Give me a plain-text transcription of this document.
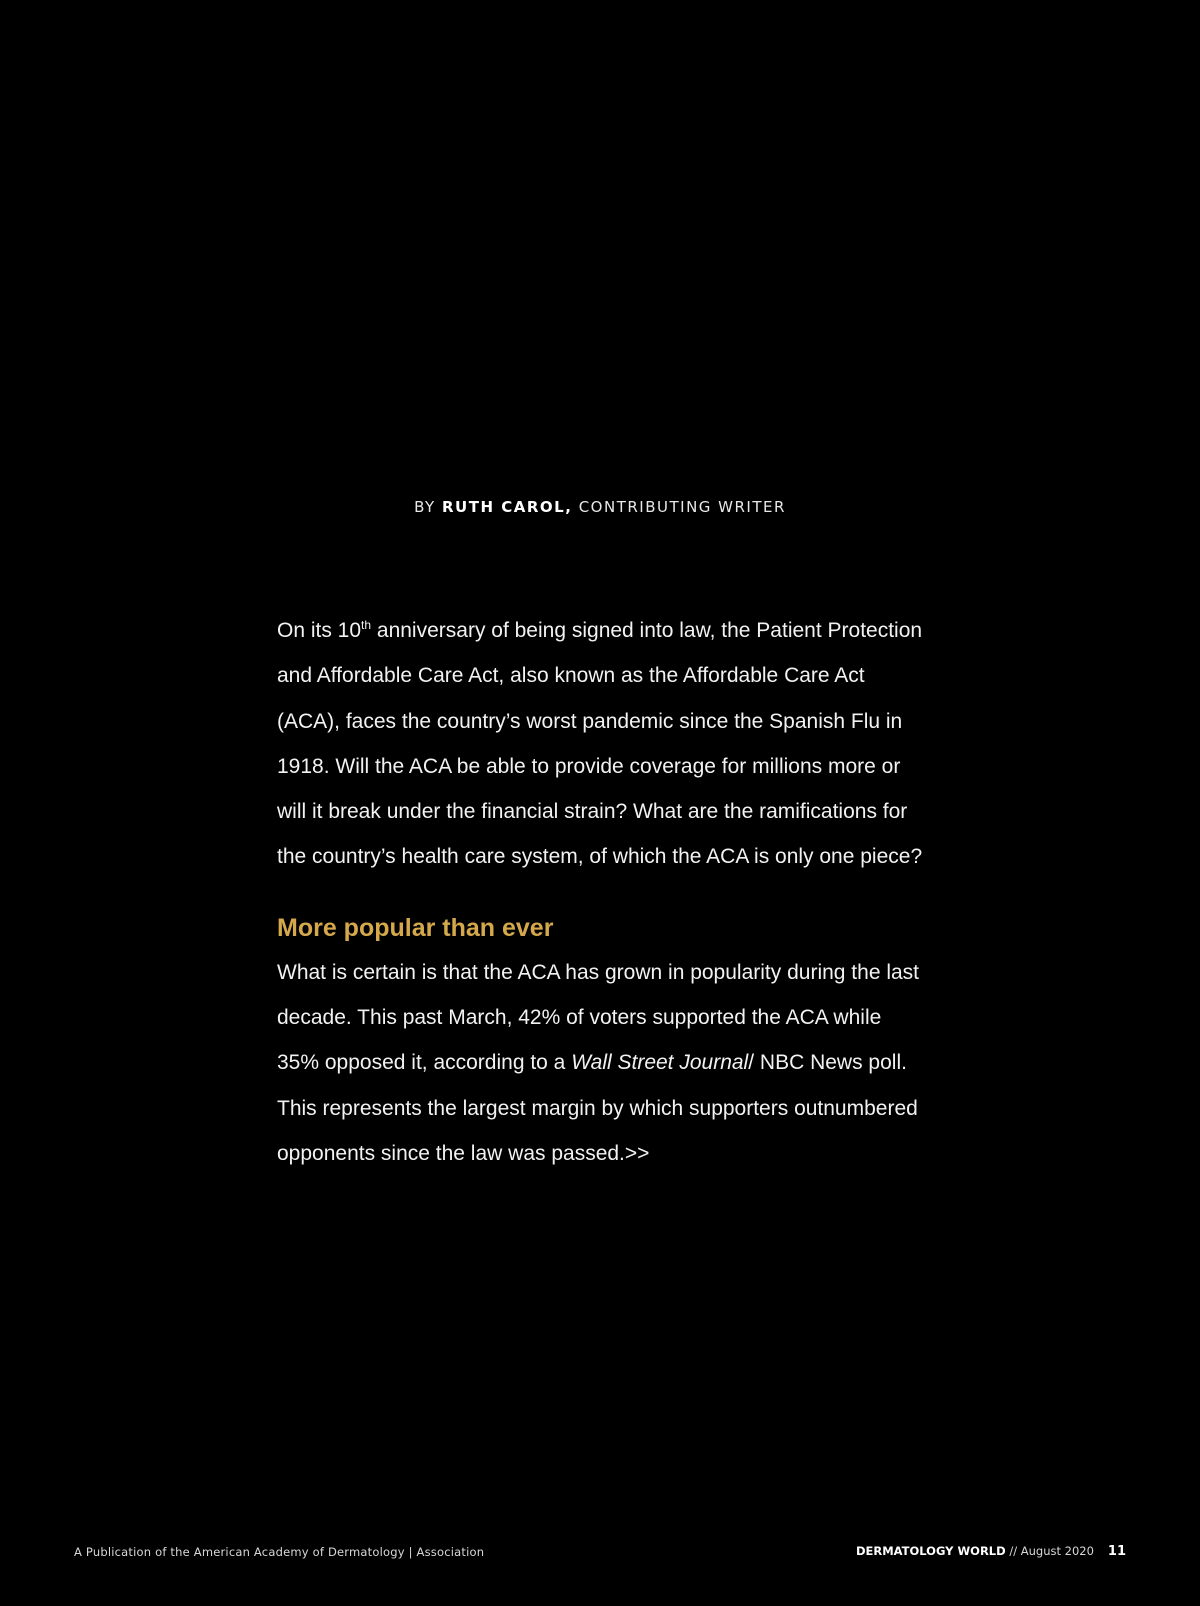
BY RUTH CAROL, CONTRIBUTING WRITER

On its 10th anniversary of being signed into law, the Patient Protection and Affordable Care Act, also known as the Affordable Care Act (ACA), faces the country’s worst pandemic since the Spanish Flu in 1918. Will the ACA be able to provide coverage for millions more or will it break under the financial strain? What are the ramifications for the country’s health care system, of which the ACA is only one piece?

More popular than ever

What is certain is that the ACA has grown in popularity during the last decade. This past March, 42% of voters supported the ACA while 35% opposed it, according to a Wall Street Journal/ NBC News poll. This represents the largest margin by which supporters outnumbered opponents since the law was passed.>>

A Publication of the American Academy of Dermatology | Association	DERMATOLOGY WORLD // August 2020 11
